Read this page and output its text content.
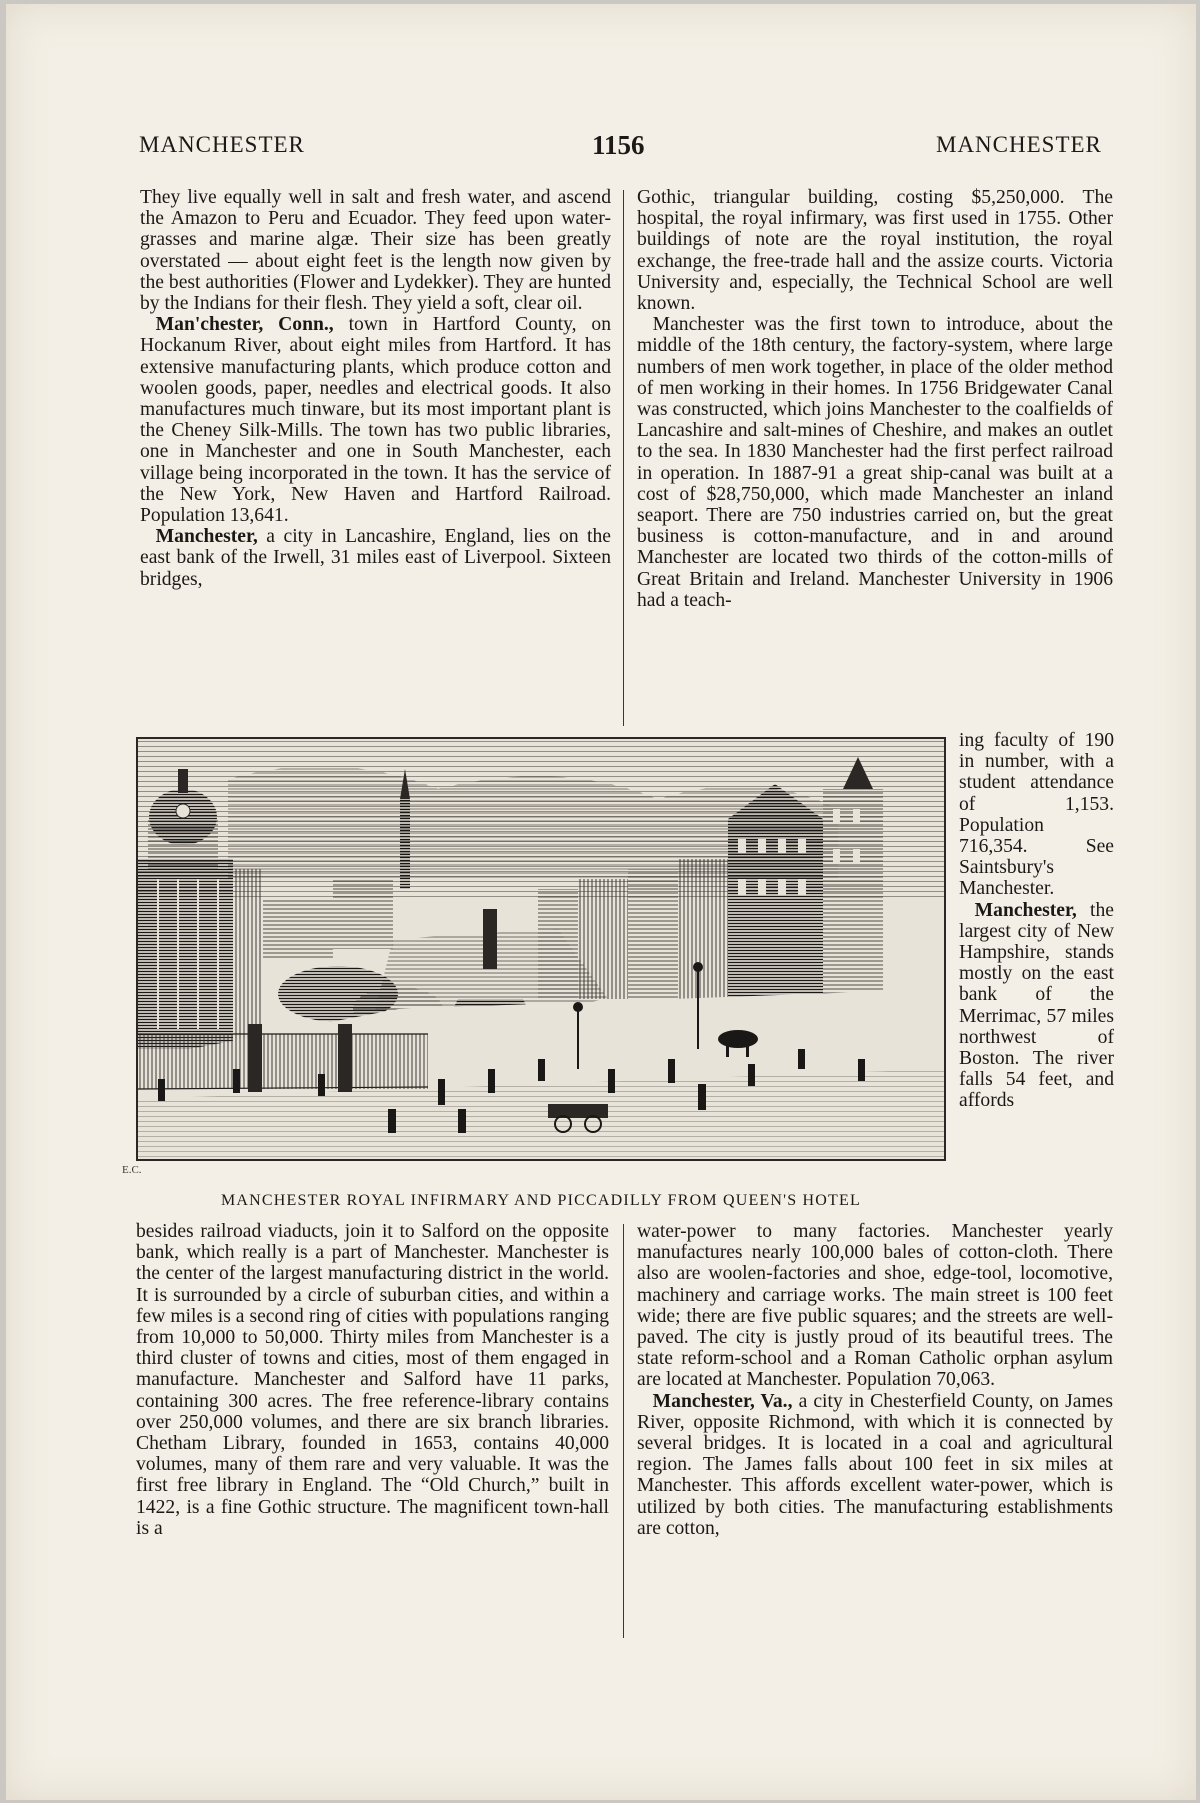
MANCHESTER	1156	MANCHESTER

They live equally well in salt and fresh water, and ascend the Amazon to Peru and Ecuador. They feed upon water-grasses and marine algæ. Their size has been greatly overstated — about eight feet is the length now given by the best authorities (Flower and Lydekker). They are hunted by the Indians for their flesh. They yield a soft, clear oil.

Man'chester, Conn., town in Hartford County, on Hockanum River, about eight miles from Hartford. It has extensive manufacturing plants, which produce cotton and woolen goods, paper, needles and electrical goods. It also manufactures much tinware, but its most important plant is the Cheney Silk-Mills. The town has two public libraries, one in Manchester and one in South Manchester, each village being incorporated in the town. It has the service of the New York, New Haven and Hartford Railroad. Population 13,641.

Manchester, a city in Lancashire, England, lies on the east bank of the Irwell, 31 miles east of Liverpool. Sixteen bridges,

Gothic, triangular building, costing $5,250,000. The hospital, the royal infirmary, was first used in 1755. Other buildings of note are the royal institution, the royal exchange, the free-trade hall and the assize courts. Victoria University and, especially, the Technical School are well known.

Manchester was the first town to introduce, about the middle of the 18th century, the factory-system, where large numbers of men work together, in place of the older method of men working in their homes. In 1756 Bridgewater Canal was constructed, which joins Manchester to the coalfields of Lancashire and salt-mines of Cheshire, and makes an outlet to the sea. In 1830 Manchester had the first perfect railroad in operation. In 1887-91 a great ship-canal was built at a cost of $28,750,000, which made Manchester an inland seaport. There are 750 industries carried on, but the great business is cotton-manufacture, and in and around Manchester are located two thirds of the cotton-mills of Great Britain and Ireland. Manchester University in 1906 had a teach-

E.C.
MANCHESTER ROYAL INFIRMARY AND PICCADILLY FROM QUEEN'S HOTEL

ing faculty of 190 in number, with a student attendance of 1,153. Population 716,354. See Saintsbury's Manchester.

Manchester, the largest city of New Hampshire, stands mostly on the east bank of the Merrimac, 57 miles northwest of Boston. The river falls 54 feet, and affords

besides railroad viaducts, join it to Salford on the opposite bank, which really is a part of Manchester. Manchester is the center of the largest manufacturing district in the world. It is surrounded by a circle of suburban cities, and within a few miles is a second ring of cities with populations ranging from 10,000 to 50,000. Thirty miles from Manchester is a third cluster of towns and cities, most of them engaged in manufacture. Manchester and Salford have 11 parks, containing 300 acres. The free reference-library contains over 250,000 volumes, and there are six branch libraries. Chetham Library, founded in 1653, contains 40,000 volumes, many of them rare and very valuable. It was the first free library in England. The “Old Church,” built in 1422, is a fine Gothic structure. The magnificent town-hall is a

water-power to many factories. Manchester yearly manufactures nearly 100,000 bales of cotton-cloth. There also are woolen-factories and shoe, edge-tool, locomotive, machinery and carriage works. The main street is 100 feet wide; there are five public squares; and the streets are well-paved. The city is justly proud of its beautiful trees. The state reform-school and a Roman Catholic orphan asylum are located at Manchester. Population 70,063.

Manchester, Va., a city in Chesterfield County, on James River, opposite Richmond, with which it is connected by several bridges. It is located in a coal and agricultural region. The James falls about 100 feet in six miles at Manchester. This affords excellent water-power, which is utilized by both cities. The manufacturing establishments are cotton,
